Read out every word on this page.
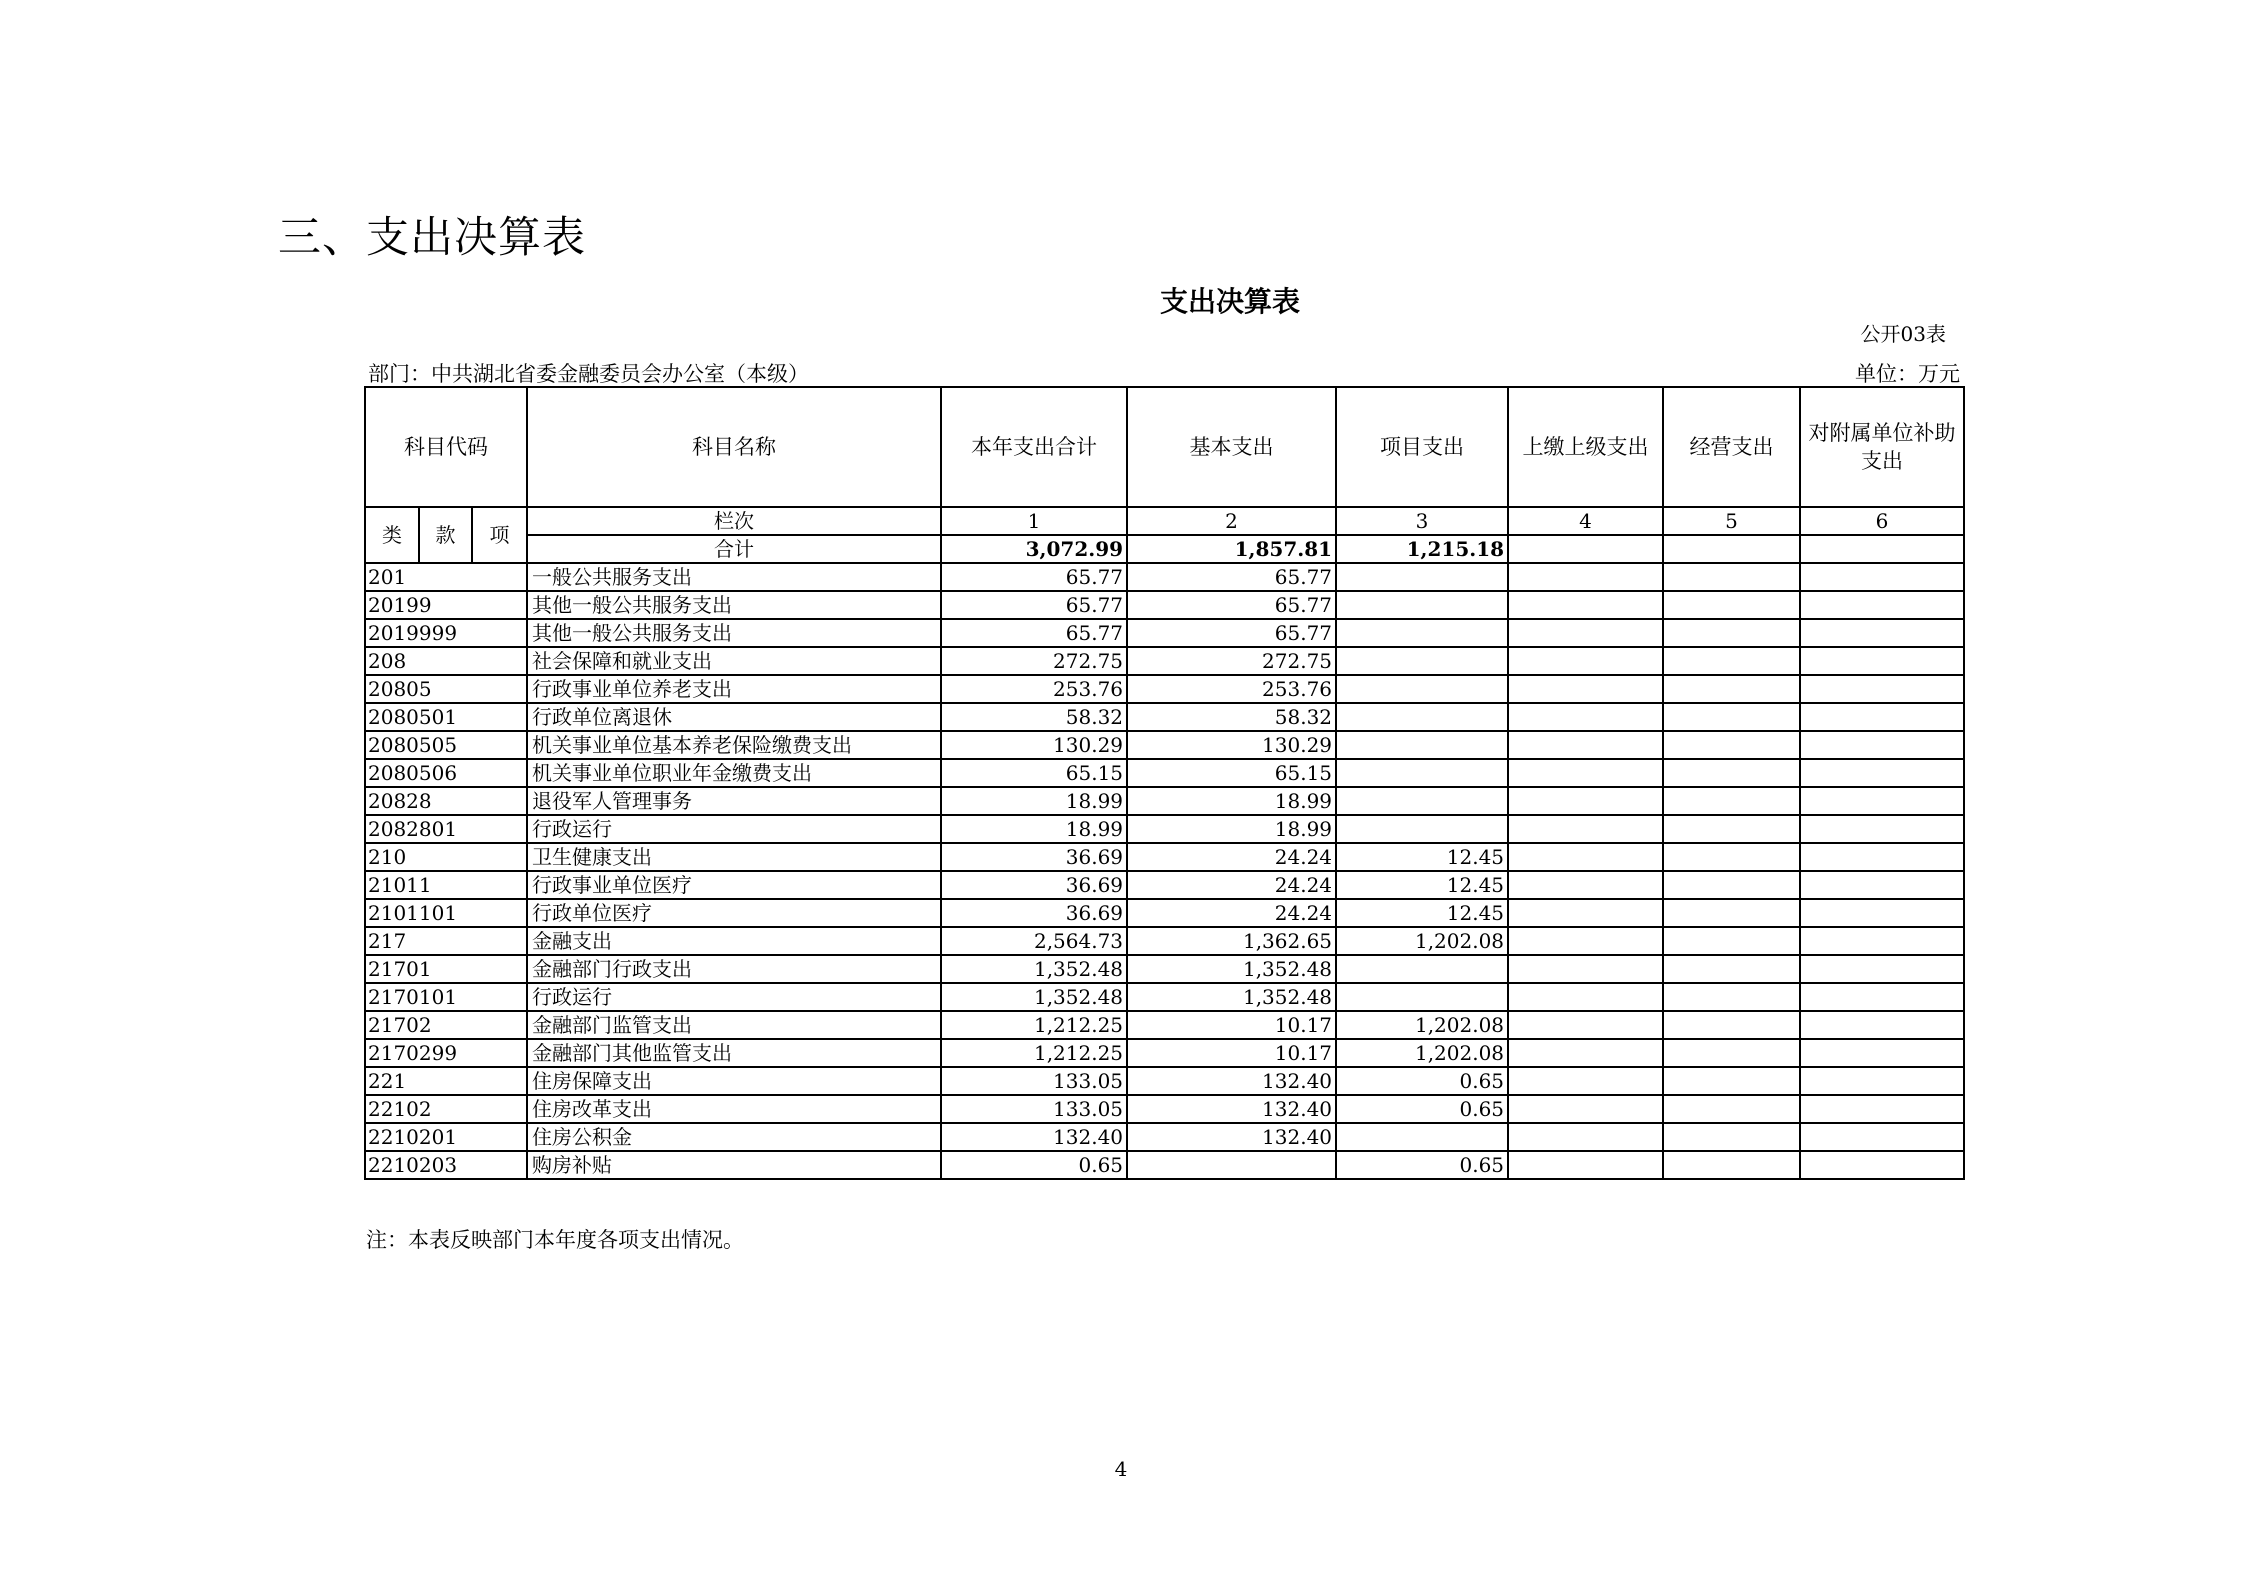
三、支出决算表
支出决算表
公开03表
部门：中共湖北省委金融委员会办公室（本级）	单位：万元
科目代码			科目名称	本年支出合计	基本支出	项目支出	上缴上级支出	经营支出	对附属单位补助支出
类	款	项	栏次	1	2	3	4	5	6
			合计	3,072.99	1,857.81	1,215.18			
201			一般公共服务支出	65.77	65.77				
20199			其他一般公共服务支出	65.77	65.77				
2019999			其他一般公共服务支出	65.77	65.77				
208			社会保障和就业支出	272.75	272.75				
20805			行政事业单位养老支出	253.76	253.76				
2080501			行政单位离退休	58.32	58.32				
2080505			机关事业单位基本养老保险缴费支出	130.29	130.29				
2080506			机关事业单位职业年金缴费支出	65.15	65.15				
20828			退役军人管理事务	18.99	18.99				
2082801			行政运行	18.99	18.99				
210			卫生健康支出	36.69	24.24	12.45			
21011			行政事业单位医疗	36.69	24.24	12.45			
2101101			行政单位医疗	36.69	24.24	12.45			
217			金融支出	2,564.73	1,362.65	1,202.08			
21701			金融部门行政支出	1,352.48	1,352.48				
2170101			行政运行	1,352.48	1,352.48				
21702			金融部门监管支出	1,212.25	10.17	1,202.08			
2170299			金融部门其他监管支出	1,212.25	10.17	1,202.08			
221			住房保障支出	133.05	132.40	0.65			
22102			住房改革支出	133.05	132.40	0.65			
2210201			住房公积金	132.40	132.40				
2210203			购房补贴	0.65		0.65			
注：本表反映部门本年度各项支出情况。
4
